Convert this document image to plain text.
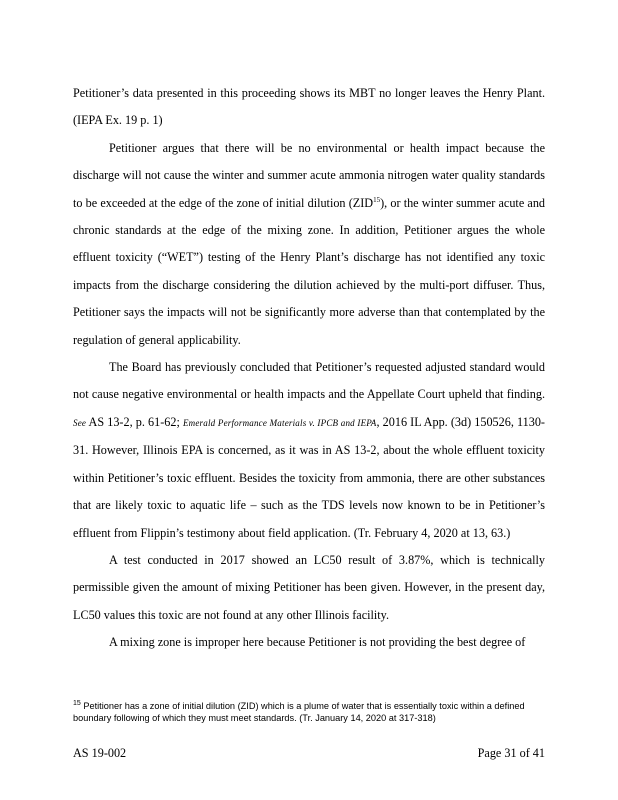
Petitioner’s data presented in this proceeding shows its MBT no longer leaves the Henry Plant. (IEPA Ex. 19 p. 1)

Petitioner argues that there will be no environmental or health impact because the discharge will not cause the winter and summer acute ammonia nitrogen water quality standards to be exceeded at the edge of the zone of initial dilution (ZID$^{15}$), or the winter summer acute and chronic standards at the edge of the mixing zone. In addition, Petitioner argues the whole effluent toxicity (“WET”) testing of the Henry Plant’s discharge has not identified any toxic impacts from the discharge considering the dilution achieved by the multi-port diffuser. Thus, Petitioner says the impacts will not be significantly more adverse than that contemplated by the regulation of general applicability.

The Board has previously concluded that Petitioner’s requested adjusted standard would not cause negative environmental or health impacts and the Appellate Court upheld that finding. See AS 13-2, p. 61-62; Emerald Performance Materials v. IPCB and IEPA, 2016 IL App. (3d) 150526, 1130-31. However, Illinois EPA is concerned, as it was in AS 13-2, about the whole effluent toxicity within Petitioner’s toxic effluent. Besides the toxicity from ammonia, there are other substances that are likely toxic to aquatic life – such as the TDS levels now known to be in Petitioner’s effluent from Flippin’s testimony about field application. (Tr. February 4, 2020 at 13, 63.)

A test conducted in 2017 showed an LC50 result of 3.87%, which is technically permissible given the amount of mixing Petitioner has been given. However, in the present day, LC50 values this toxic are not found at any other Illinois facility.

A mixing zone is improper here because Petitioner is not providing the best degree of

$^{15}$ Petitioner has a zone of initial dilution (ZID) which is a plume of water that is essentially toxic within a defined boundary following of which they must meet standards. (Tr. January 14, 2020 at 317-318)
AS 19-002	Page 31 of 41
